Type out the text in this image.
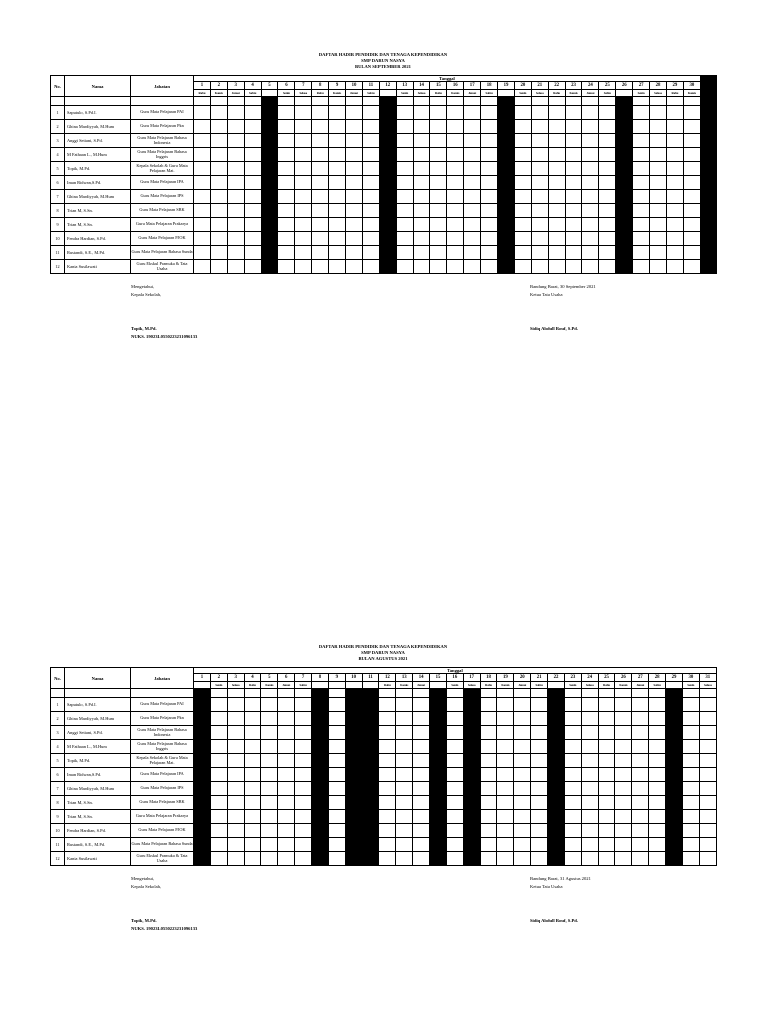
DAFTAR HADIR PENDIDIK DAN TENAGA KEPENDIDIKAN
SMP DARUN NASYA
BULAN SEPTEMBER 2021
No.	Nama	Jabatan	Tanggal																														
			1	2	3	4	5	6	7	8	9	10	11	12	13	14	15	16	17	18	19	20	21	22	23	24	25	26	27	28	29	30	
			Rabu	Kamis	Jumat	Sabtu		Senin	Selasa	Rabu	Kamis	Jumat	Sabtu		Senin	Selasa	Rabu	Kamis	Jumat	Sabtu		Senin	Selasa	Rabu	Kamis	Jumat	Sabtu		Senin	Selasa	Rabu	Kamis	

1	Saputulo, S.Pd.I.	Guru Mata Pelajaran PAI																															
2	Ghina Mardiyyah, M.Hum	Guru Mata Pelajaran Pkn																															
3	Anggi Setiani, S.Pd.	Guru Mata Pelajaran Bahasa Indonesia																															
4	M Fathaan L., M.Hum	Guru Mata Pelajaran Bahasa Inggris																															
5	Topik, M.Pd.	Kepala Sekolah & Guru Mata Pelajaran Mat.																															
6	Iman Ridwan,S.Pd.	Guru Mata Pelajaran IPA																															
7	Ghina Mardiyyah, M.Hum	Guru Mata Pelajaran IPS																															
8	Trian M, S.Sn.	Guru Mata Pelajaran SBK																															
9	Trian M, S.Sn.	Guru Mata Pelajaran Prakarya																															
10	Fendra Hardian, S.Pd.	Guru Mata Pelajaran PJOK																															
11	Rustandi, S.E., M.Pd.	Guru Mata Pelajaran Bahasa Sunda																															
12	Kania Susilawati	Guru Ekskul Pramuka & Tata Usaha																															
Mengetahui,
Kepala Sekolah,
Bandung Barat, 30 September 2021
Ketua Tata Usaha
Topik, M.Pd.
NUKS. 19023L0550223231096133
Sidiq Abdull Rouf, S.Pd.
DAFTAR HADIR PENDIDIK DAN TENAGA KEPENDIDIKAN
SMP DARUN NASYA
BULAN AGUSTUS 2021
No.	Nama	Jabatan	Tanggal																														
			1	2	3	4	5	6	7	8	9	10	11	12	13	14	15	16	17	18	19	20	21	22	23	24	25	26	27	28	29	30	31
				Senin	Selasa	Rabu	Kamis	Jumat	Sabtu					Rabu	Kamis	Jumat		Senin	Selasa	Rabu	Kamis	Jumat	Sabtu		Senin	Selasa	Rabu	Kamis	Jumat	Sabtu		Senin	Selasa

1	Saputulo, S.Pd.I.	Guru Mata Pelajaran PAI																															
2	Ghina Mardiyyah, M.Hum	Guru Mata Pelajaran Pkn																															
3	Anggi Setiani, S.Pd.	Guru Mata Pelajaran Bahasa Indonesia																															
4	M Fathaan L., M.Hum	Guru Mata Pelajaran Bahasa Inggris																															
5	Topik, M.Pd.	Kepala Sekolah & Guru Mata Pelajaran Mat.																															
6	Iman Ridwan,S.Pd.	Guru Mata Pelajaran IPA																															
7	Ghina Mardiyyah, M.Hum	Guru Mata Pelajaran IPS																															
8	Trian M, S.Sn.	Guru Mata Pelajaran SBK																															
9	Trian M, S.Sn.	Guru Mata Pelajaran Prakarya																															
10	Fendra Hardian, S.Pd.	Guru Mata Pelajaran PJOK																															
11	Rustandi, S.E., M.Pd.	Guru Mata Pelajaran Bahasa Sunda																															
12	Kania Susilawati	Guru Ekskul Pramuka & Tata Usaha																															
Mengetahui,
Kepala Sekolah,
Bandung Barat, 31 Agustus 2021
Ketua Tata Usaha
Topik, M.Pd.
NUKS. 19023L0550223231096133
Sidiq Abdull Rouf, S.Pd.
